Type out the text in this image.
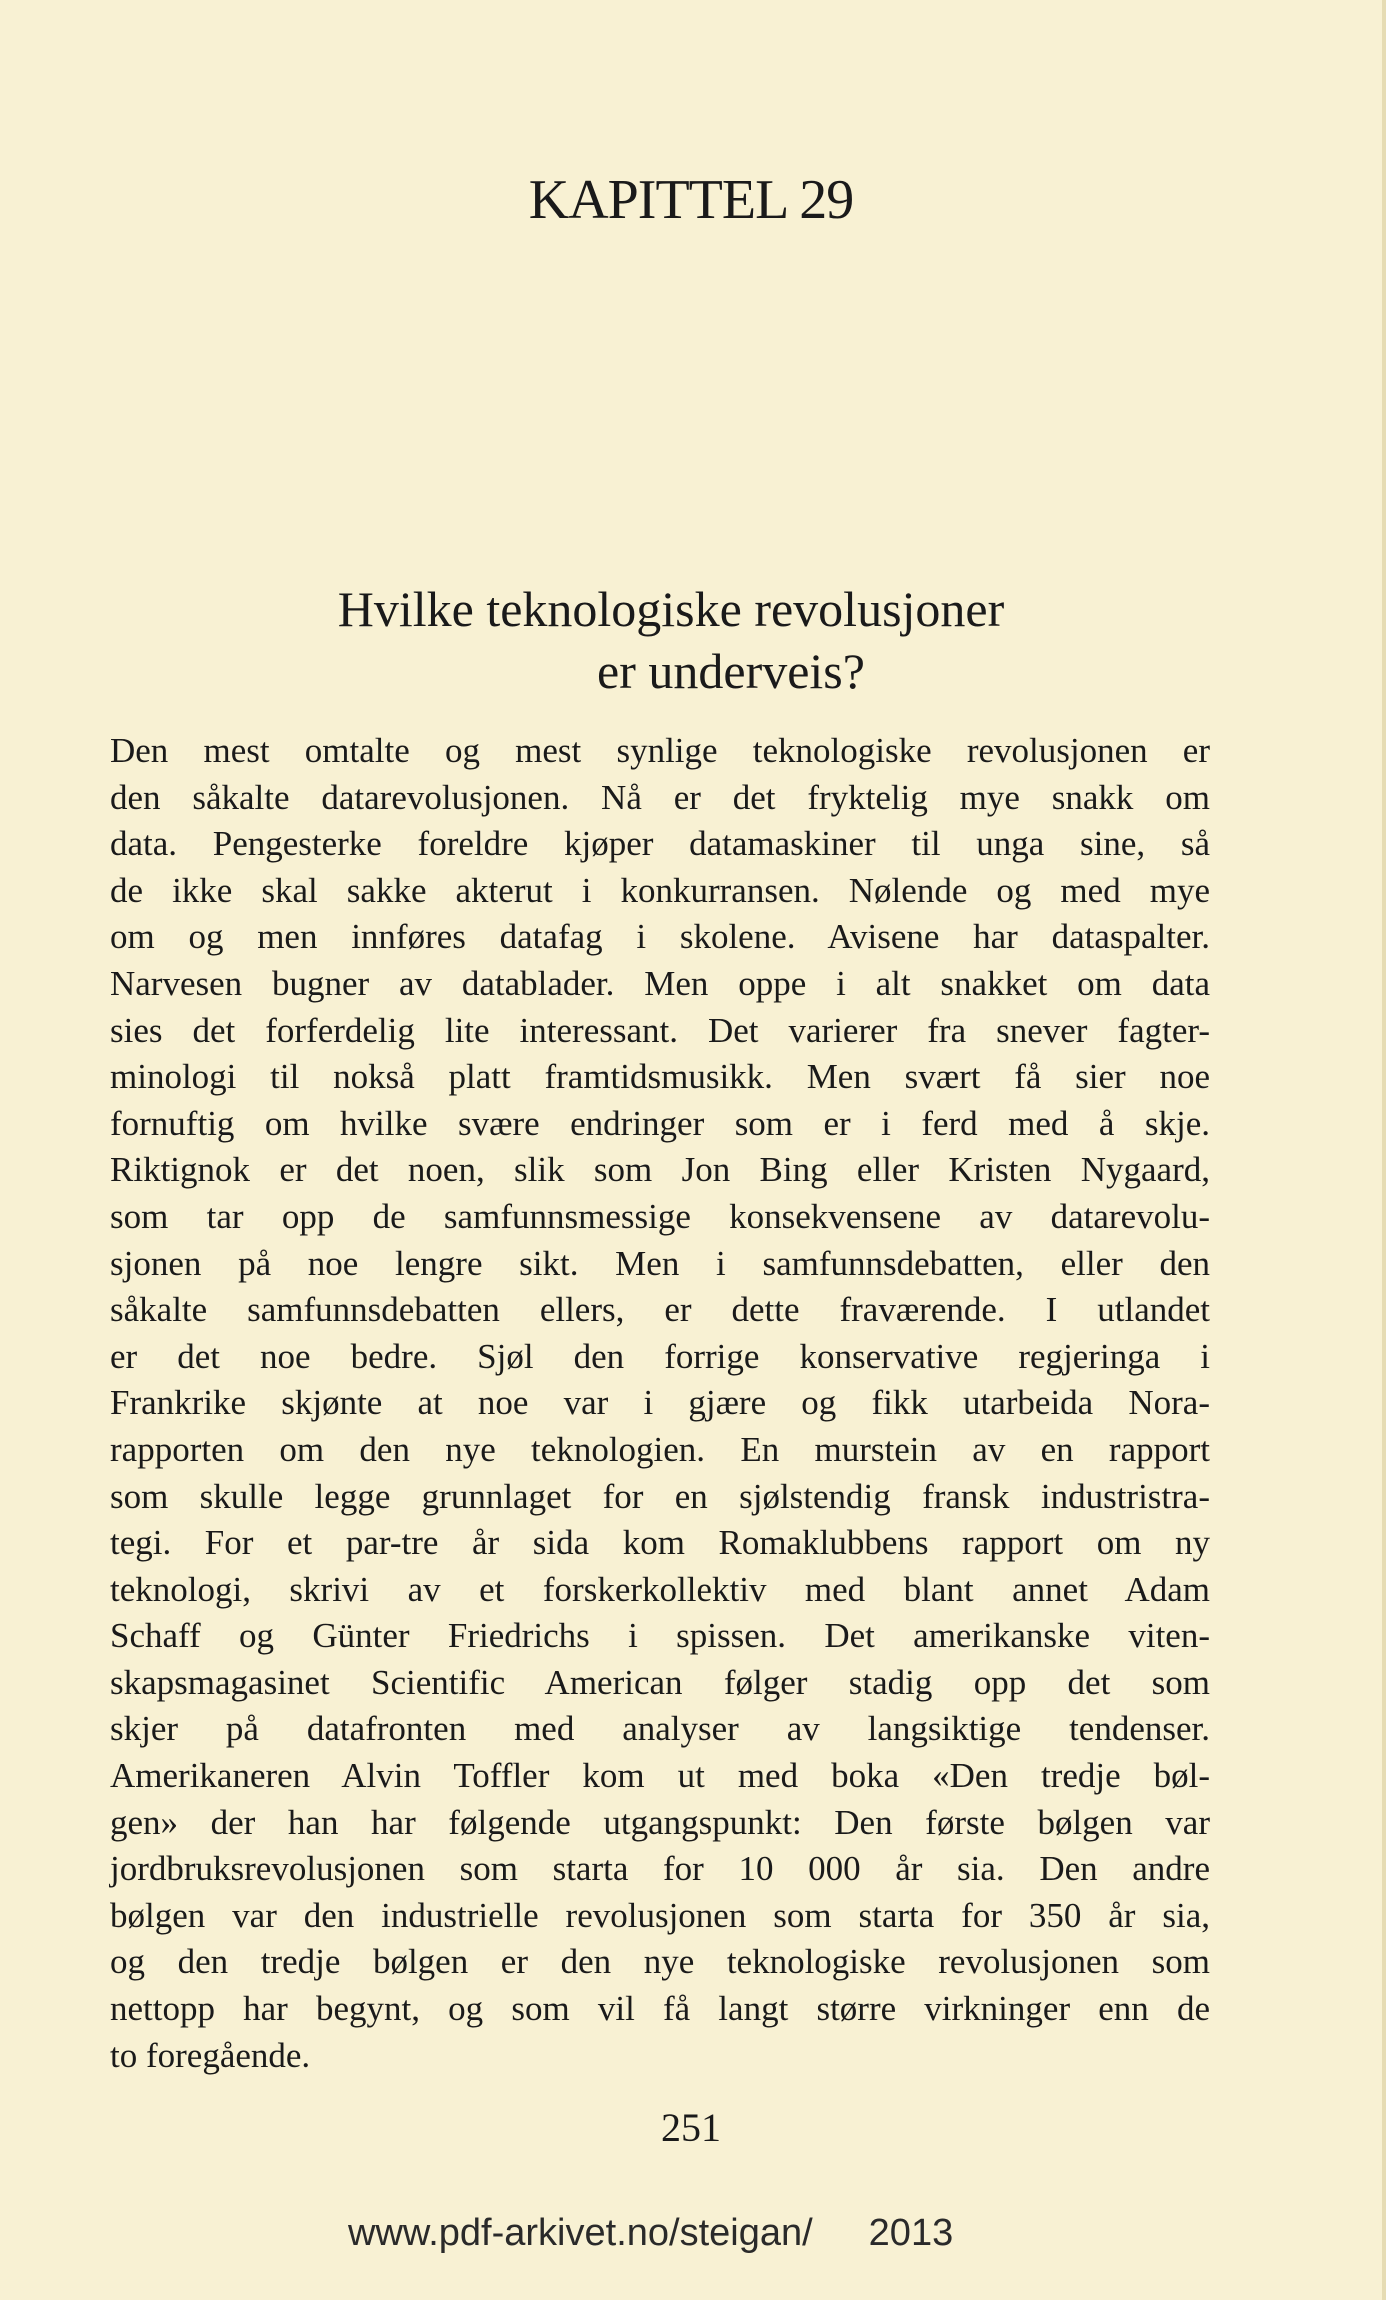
KAPITTEL 29
Hvilke teknologiske revolusjoner
er underveis?
Den mest omtalte og mest synlige teknologiske revolusjonen er
den såkalte datarevolusjonen. Nå er det fryktelig mye snakk om
data. Pengesterke foreldre kjøper datamaskiner til unga sine, så
de ikke skal sakke akterut i konkurransen. Nølende og med mye
om og men innføres datafag i skolene. Avisene har dataspalter.
Narvesen bugner av datablader. Men oppe i alt snakket om data
sies det forferdelig lite interessant. Det varierer fra snever fagter-
minologi til nokså platt framtidsmusikk. Men svært få sier noe
fornuftig om hvilke svære endringer som er i ferd med å skje.
Riktignok er det noen, slik som Jon Bing eller Kristen Nygaard,
som tar opp de samfunnsmessige konsekvensene av datarevolu-
sjonen på noe lengre sikt. Men i samfunnsdebatten, eller den
såkalte samfunnsdebatten ellers, er dette fraværende. I utlandet
er det noe bedre. Sjøl den forrige konservative regjeringa i
Frankrike skjønte at noe var i gjære og fikk utarbeida Nora-
rapporten om den nye teknologien. En murstein av en rapport
som skulle legge grunnlaget for en sjølstendig fransk industristra-
tegi. For et par-tre år sida kom Romaklubbens rapport om ny
teknologi, skrivi av et forskerkollektiv med blant annet Adam
Schaff og Günter Friedrichs i spissen. Det amerikanske viten-
skapsmagasinet Scientific American følger stadig opp det som
skjer på datafronten med analyser av langsiktige tendenser.
Amerikaneren Alvin Toffler kom ut med boka «Den tredje bøl-
gen» der han har følgende utgangspunkt: Den første bølgen var
jordbruksrevolusjonen som starta for 10 000 år sia. Den andre
bølgen var den industrielle revolusjonen som starta for 350 år sia,
og den tredje bølgen er den nye teknologiske revolusjonen som
nettopp har begynt, og som vil få langt større virkninger enn de
to foregående.
251
www.pdf-arkivet.no/steigan/ 2013
